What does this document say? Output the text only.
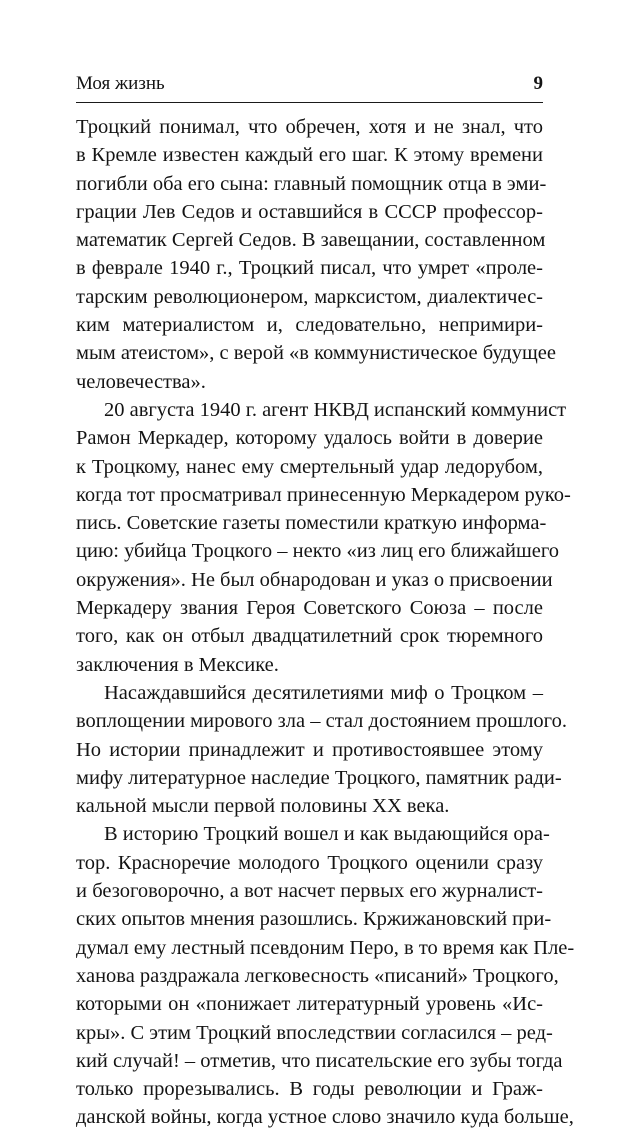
Моя жизнь	9
Троцкий понимал, что обречен, хотя и не знал, что
в Кремле известен каждый его шаг. К этому времени
погибли оба его сына: главный помощник отца в эми-
грации Лев Седов и оставшийся в СССР профессор-
математик Сергей Седов. В завещании, составленном
в феврале 1940 г., Троцкий писал, что умрет «проле-
тарским революционером, марксистом, диалектичес-
ким материалистом и, следовательно, непримири-
мым атеистом», с верой «в коммунистическое будущее
человечества».
20 августа 1940 г. агент НКВД испанский коммунист
Рамон Меркадер, которому удалось войти в доверие
к Троцкому, нанес ему смертельный удар ледорубом,
когда тот просматривал принесенную Меркадером руко-
пись. Советские газеты поместили краткую информа-
цию: убийца Троцкого – некто «из лиц его ближайшего
окружения». Не был обнародован и указ о присвоении
Меркадеру звания Героя Советского Союза – после
того, как он отбыл двадцатилетний срок тюремного
заключения в Мексике.
Насаждавшийся десятилетиями миф о Троцком –
воплощении мирового зла – стал достоянием прошлого.
Но истории принадлежит и противостоявшее этому
мифу литературное наследие Троцкого, памятник ради-
кальной мысли первой половины XX века.
В историю Троцкий вошел и как выдающийся ора-
тор. Красноречие молодого Троцкого оценили сразу
и безоговорочно, а вот насчет первых его журналист-
ских опытов мнения разошлись. Кржижановский при-
думал ему лестный псевдоним Перо, в то время как Пле-
ханова раздражала легковесность «писаний» Троцкого,
которыми он «понижает литературный уровень «Ис-
кры». С этим Троцкий впоследствии согласился – ред-
кий случай! – отметив, что писательские его зубы тогда
только прорезывались. В годы революции и Граж-
данской войны, когда устное слово значило куда больше,
